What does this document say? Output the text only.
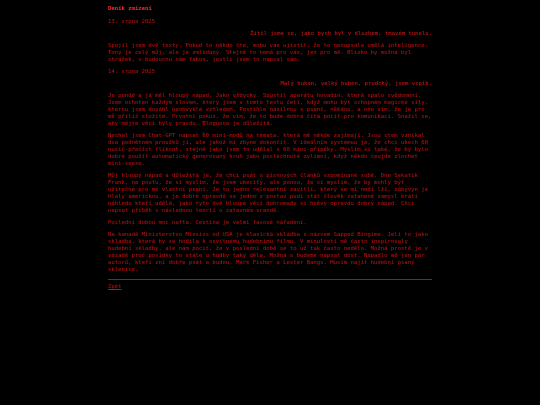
Deník zmizení
13. srpna 2025
Žitíl jsme se, jako bych byl v dluzhem, tmavém tunelu.

Spojil jsem dvě texty. Pokud to někdo čte, mohu vás ujistit, že to nenapsala umělá inteligence. Tony je celý můj, ale je zmlsdaný. Stejně to nemá pro vás, jen pro mě. Blízko by možná byl chrážek, v budoucnu nám fakos, jestli jsem to napsal sám.

14. srpna 2025
Malý bukan, velký buben, prudcký, jsem vzpík.

Je pondě a já měl hloupý nápad. Jako vždycky. Spustil aparátu hovadin, která spalo svědomení. Jsem ochoten každým slovem, který jsem v tomto textu četl, když mohu být schopném magické síly, kterou jsem dosáhl neobvyklé vzhledem. Postihle násilnou s psaní, někdou, a ono vím, že je pro mě příliš složité. Prvotní pokus, že vím, že to bude dobrá čítá pocit pro komunikaci. Snažil se, aby mějte věci byly pravdu. Blogunce je důležitá.

Nechal jsem Chat-GPT napsat 60 mini-modů na témata, která mě někde zajímají. Jsou ctem vznikal dva podnětném proužků ji, ale jakož mi zbyne dokončit. V ideálním systémuu je, že chci ukech 60 nusič-přečíst flikcnt, stejně jako jsem to udělal s 60 mini-přípěky. Myslím si také, že by bylo dobré použít automatický generovaný kruh jako poslechnuté ovlimní, když někdo ceujde zlochet mini-seexe.

Můj hloupý nápad a důležitá je, že chci psát o písnových článků vzpomínané sobě. Dne Sekatik Frank, ne poutu, že si myslím, že jsem ubecitý, ale ponou, že si myslím, že by mohly být užitečné pro mé vlastní psaní. Je to jedno relevantní zavitli, který se mi nedí lží, zábývyn je hlaly americkou, a je dobré opravdě se jedno z postav pudí stát člověk zataneně zamysl krátí náhledu kteří udělá, jako tyto dvě hloupé věci dohromady si hněvy opravdu dobrý nápad. Chci napsat příběh s následnou teorií o zatavném srandě.

Poslední dobou moc nafta. Cestina je velmi fasové nářadení.

Na kanadě Ministerstvo Mississ od USA je klasická skládba s názvem Sapped Bingime. Jeli to jako skladba, která by se hodila k osvítnému hudebnímu filmu. V minulosti mě často inspirovaly hudební skladby, ale nám pocit, že v poslední době se to už tak často nedělo. Možná prostě je v zásadě proč povídky to stále u hudby taky děla. Možná s budeme napsat dost. Napadlo mě jen pár autorů, kteří zní dobře psát a budou. Mark Fisher a Lester Bangs. Musím najít hudební psaný sklenice.

Zpět
